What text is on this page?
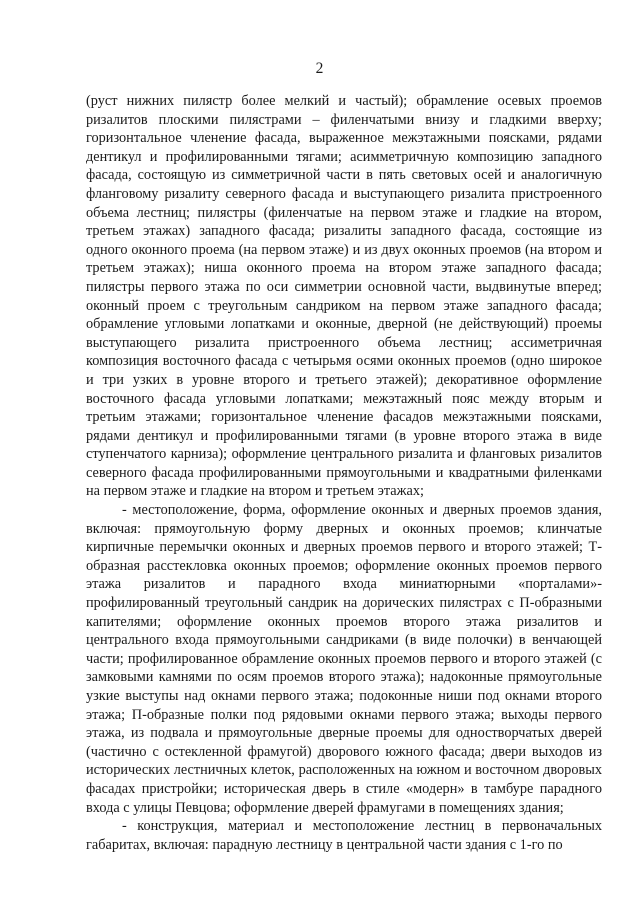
2

(руст нижних пилястр более мелкий и частый); обрамление осевых проемов ризалитов плоскими пилястрами – филенчатыми внизу и гладкими вверху; горизонтальное членение фасада, выраженное межэтажными поясками, рядами дентикул и профилированными тягами; асимметричную композицию западного фасада, состоящую из симметричной части в пять световых осей и аналогичную фланговому ризалиту северного фасада и выступающего ризалита пристроенного объема лестниц; пилястры (филенчатые на первом этаже и гладкие на втором, третьем этажах) западного фасада; ризалиты западного фасада, состоящие из одного оконного проема (на первом этаже) и из двух оконных проемов (на втором и третьем этажах); ниша оконного проема на втором этаже западного фасада; пилястры первого этажа по оси симметрии основной части, выдвинутые вперед; оконный проем с треугольным сандриком на первом этаже западного фасада; обрамление угловыми лопатками и оконные, дверной (не действующий) проемы выступающего ризалита пристроенного объема лестниц; ассиметричная композиция восточного фасада с четырьмя осями оконных проемов (одно широкое и три узких в уровне второго и третьего этажей); декоративное оформление восточного фасада угловыми лопатками; межэтажный пояс между вторым и третьим этажами; горизонтальное членение фасадов межэтажными поясками, рядами дентикул и профилированными тягами (в уровне второго этажа в виде ступенчатого карниза); оформление центрального ризалита и фланговых ризалитов северного фасада профилированными прямоугольными и квадратными филенками на первом этаже и гладкие на втором и третьем этажах;

- местоположение, форма, оформление оконных и дверных проемов здания, включая: прямоугольную форму дверных и оконных проемов; клинчатые кирпичные перемычки оконных и дверных проемов первого и второго этажей; Т-образная расстекловка оконных проемов; оформление оконных проемов первого этажа ризалитов и парадного входа миниатюрными «порталами»- профилированный треугольный сандрик на дорических пилястрах с П-образными капителями; оформление оконных проемов второго этажа ризалитов и центрального входа прямоугольными сандриками (в виде полочки) в венчающей части; профилированное обрамление оконных проемов первого и второго этажей (с замковыми камнями по осям проемов второго этажа); надоконные прямоугольные узкие выступы над окнами первого этажа; подоконные ниши под окнами второго этажа; П-образные полки под рядовыми окнами первого этажа; выходы первого этажа, из подвала и прямоугольные дверные проемы для одностворчатых дверей (частично с остекленной фрамугой) дворового южного фасада; двери выходов из исторических лестничных клеток, расположенных на южном и восточном дворовых фасадах пристройки; историческая дверь в стиле «модерн» в тамбуре парадного входа с улицы Певцова; оформление дверей фрамугами в помещениях здания;

- конструкция, материал и местоположение лестниц в первоначальных габаритах, включая: парадную лестницу в центральной части здания с 1-го по
